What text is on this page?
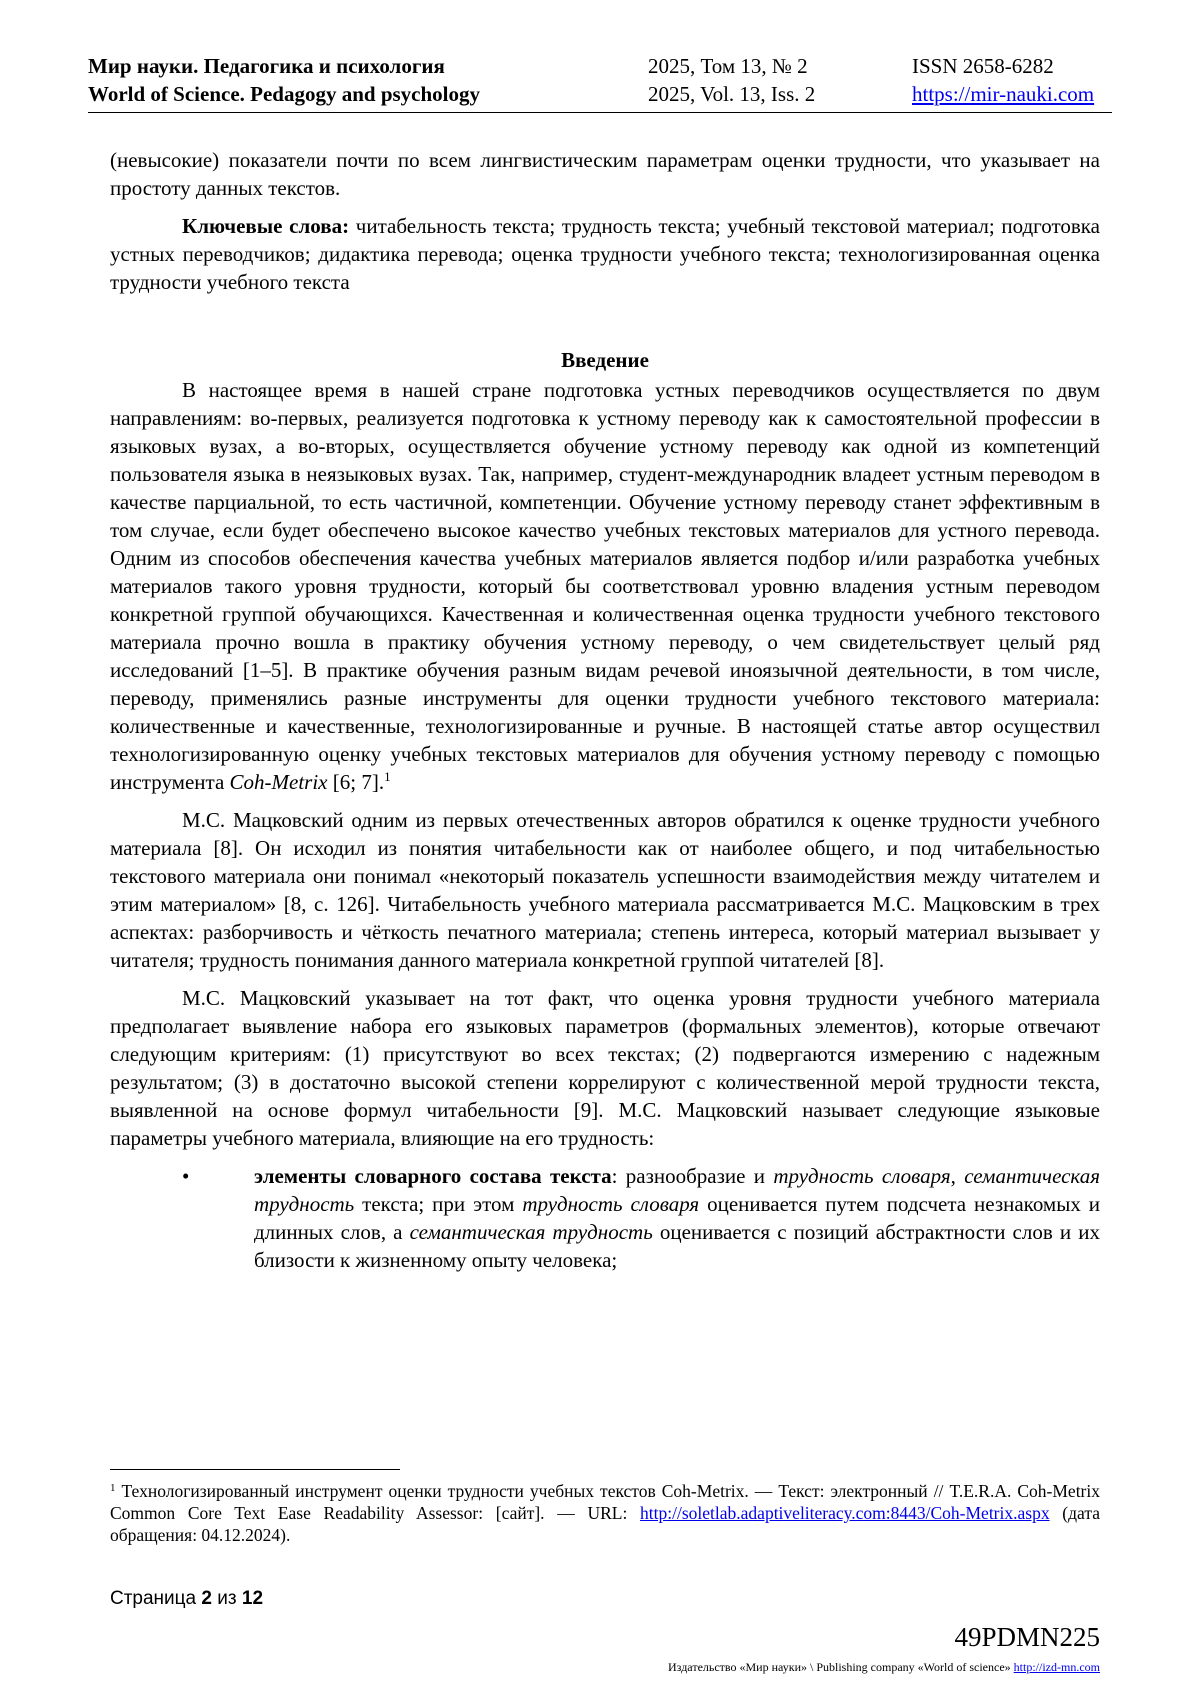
Мир науки. Педагогика и психология
World of Science. Pedagogy and psychology
2025, Том 13, № 2
2025, Vol. 13, Iss. 2
ISSN 2658-6282
https://mir-nauki.com

(невысокие) показатели почти по всем лингвистическим параметрам оценки трудности, что указывает на простоту данных текстов.

Ключевые слова: читабельность текста; трудность текста; учебный текстовой материал; подготовка устных переводчиков; дидактика перевода; оценка трудности учебного текста; технологизированная оценка трудности учебного текста

Введение

В настоящее время в нашей стране подготовка устных переводчиков осуществляется по двум направлениям: во-первых, реализуется подготовка к устному переводу как к самостоятельной профессии в языковых вузах, а во-вторых, осуществляется обучение устному переводу как одной из компетенций пользователя языка в неязыковых вузах. Так, например, студент-международник владеет устным переводом в качестве парциальной, то есть частичной, компетенции. Обучение устному переводу станет эффективным в том случае, если будет обеспечено высокое качество учебных текстовых материалов для устного перевода. Одним из способов обеспечения качества учебных материалов является подбор и/или разработка учебных материалов такого уровня трудности, который бы соответствовал уровню владения устным переводом конкретной группой обучающихся. Качественная и количественная оценка трудности учебного текстового материала прочно вошла в практику обучения устному переводу, о чем свидетельствует целый ряд исследований [1–5]. В практике обучения разным видам речевой иноязычной деятельности, в том числе, переводу, применялись разные инструменты для оценки трудности учебного текстового материала: количественные и качественные, технологизированные и ручные. В настоящей статье автор осуществил технологизированную оценку учебных текстовых материалов для обучения устному переводу с помощью инструмента Coh-Metrix [6; 7].$^1$

М.С. Мацковский одним из первых отечественных авторов обратился к оценке трудности учебного материала [8]. Он исходил из понятия читабельности как от наиболее общего, и под читабельностью текстового материала они понимал «некоторый показатель успешности взаимодействия между читателем и этим материалом» [8, с. 126]. Читабельность учебного материала рассматривается М.С. Мацковским в трех аспектах: разборчивость и чёткость печатного материала; степень интереса, который материал вызывает у читателя; трудность понимания данного материала конкретной группой читателей [8].

М.С. Мацковский указывает на тот факт, что оценка уровня трудности учебного материала предполагает выявление набора его языковых параметров (формальных элементов), которые отвечают следующим критериям: (1) присутствуют во всех текстах; (2) подвергаются измерению с надежным результатом; (3) в достаточно высокой степени коррелируют с количественной мерой трудности текста, выявленной на основе формул читабельности [9]. М.С. Мацковский называет следующие языковые параметры учебного материала, влияющие на его трудность:

•	элементы словарного состава текста: разнообразие и трудность словаря, семантическая трудность текста; при этом трудность словаря оценивается путем подсчета незнакомых и длинных слов, а семантическая трудность оценивается с позиций абстрактности слов и их близости к жизненному опыту человека;
$^1$ Технологизированный инструмент оценки трудности учебных текстов Coh-Metrix. — Текст: электронный // T.E.R.A. Coh-Metrix Common Core Text Ease Readability Assessor: [сайт]. — URL: http://soletlab.adaptiveliteracy.com:8443/Coh-Metrix.aspx (дата обращения: 04.12.2024).
Страница 2 из 12
49PDMN225
Издательство «Мир науки» \ Publishing company «World of science» http://izd-mn.com
